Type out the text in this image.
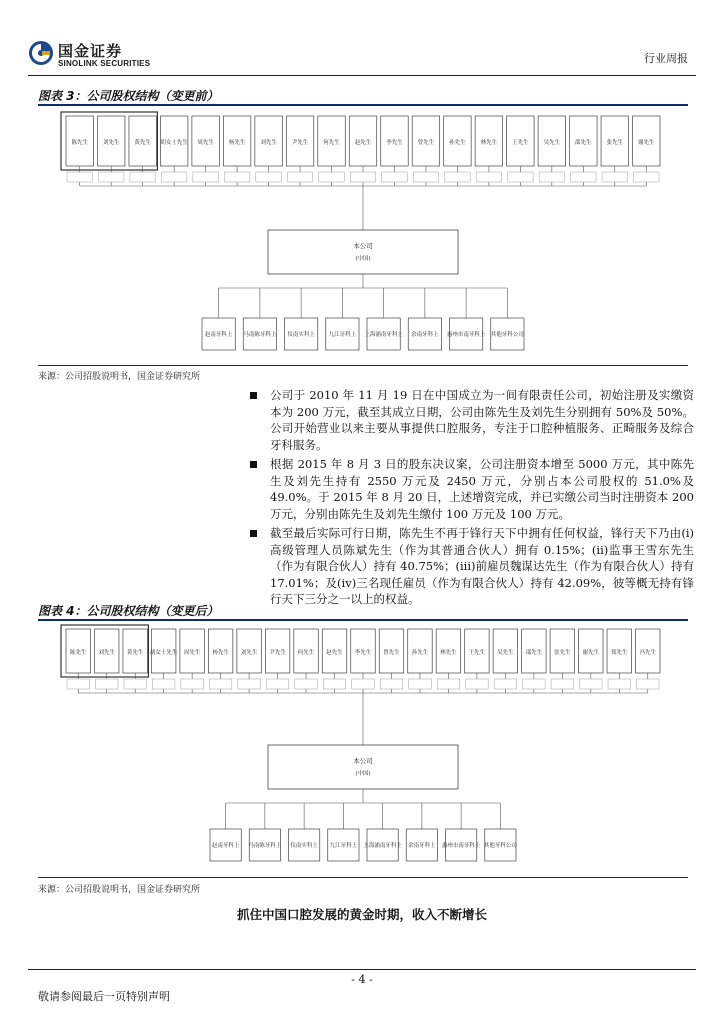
国金证券
SINOLINK SECURITIES	行业周报
图表 3：公司股权结构（变更前）
陈先生	刘先生	黄先生 胡女士先生 周先生	杨先生	刘先生	尹先生	何先生	赵先生	李先生	曾先生	孙先生	林先生	王先生	吴先生	邵先生	张先生	谢先生
本公司
(中国)
赵南牙科上 马南陈牙科上 仪南实科上 九江牙科上 上海浦南牙科上 余南牙科上 惠州市南牙科上 其他牙科公司
来源：公司招股说明书，国金证券研究所
公司于 2010 年 11 月 19 日在中国成立为一间有限责任公司，初始注册及实缴资本为 200 万元，截至其成立日期，公司由陈先生及刘先生分别拥有 50%及 50%。公司开始营业以来主要从事提供口腔服务，专注于口腔种植服务、正畸服务及综合牙科服务。
根据 2015 年 8 月 3 日的股东决议案，公司注册资本增至 5000 万元，其中陈先生及刘先生持有 2550 万元及 2450 万元，分别占本公司股权的 51.0%及 49.0%。于 2015 年 8 月 20 日，上述增资完成，并已实缴公司当时注册资本 200 万元，分别由陈先生及刘先生缴付 100 万元及 100 万元。
截至最后实际可行日期，陈先生不再于锋行天下中拥有任何权益，锋行天下乃由(i)高级管理人员陈斌先生（作为其普通合伙人）拥有 0.15%；(ii)监事王雪东先生（作为有限合伙人）持有 40.75%；(iii)前雇员魏谋达先生（作为有限合伙人）持有 17.01%；及(iv)三名现任雇员（作为有限合伙人）持有 42.09%，彼等概无持有锋行天下三分之一以上的权益。
图表 4：公司股权结构（变更后）
陈先生 刘先生 黄先生 胡女士先生 周先生 杨先生 刘先生 尹先生 何先生 赵先生 李先生 曾先生 孙先生 林先生 王先生 吴先生 邵先生 张先生 谢先生 郑先生 冯先生
本公司
(中国)
赵南牙科上 马南陈牙科上 仪南实科上 九江牙科上 上海浦南牙科上 余南牙科上 惠州市南牙科上 其他牙科公司
来源：公司招股说明书，国金证券研究所
抓住中国口腔发展的黄金时期，收入不断增长
- 4 -
敬请参阅最后一页特别声明
